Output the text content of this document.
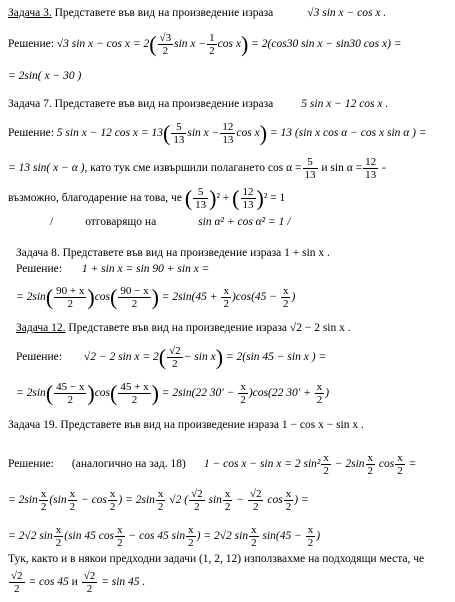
Задача 3. Представете във вид на произведение израза	√3 sin x − cos x .
Решение: √3 $\sin x - \cos x = 2( \frac{√3}{2}$ $\sin x - \frac{1}{2}$ cos x) = 2(cos30 sin x − sin30 cos x) =
= 2sin( x − 30 )
Задача 7. Представете във вид на произведение израза 5 sin x − 12 cos x .
Решение: 5 sin x − 12 $\cos x = 13( \frac{5}{13}$ $\sin x - \frac{12}{13}$ cos x) = 13 (sin x cos α − cos x sin α ) =
= 13 sin( x − α ), като тук сме извършили полагането $\cos \alpha = \frac{5}{13}$ и $\sin \alpha = \frac{12}{13}$ -
възможно, благодарение на това, че ( $\frac{5}{13} )^2$ + ( $\frac{12}{13} )^2 = 1$
/	отговарящо на	sin α² + cos α² = 1 /
Задача 8. Представете във вид на произведение израза 1 + sin x .
Решение: 1 + sin x = sin 90 + sin x =
= $2\sin( \frac{90 + x}{2} )\cos( \frac{90 - x}{2}$ ) = $2\sin(45 + \frac{x}{2} )\cos(45 - \frac{x}{2}$ )
Задача 12. Представете във вид на произведение израза √2 − 2 sin x .
Решение: √2 − 2 $\sin x = 2( \frac{√2}{2} - \sin x) = 2(\sin$ 45 − sin x ) =
= $2\sin( \frac{45 - x}{2} )\cos( \frac{45 + x}{2}$ ) = 2sin(22 $30' - \frac{x}{2} )\cos(22$ $30' + \frac{x}{2}$ )
Задача 19. Представете във вид на произведение израза 1 − cos x − sin x .
Решение: (аналогично на зад. 18) 1 − cos x − sin x = 2 $\sin^2 \frac{x}{2} - 2\sin \frac{x}{2}$ $\cos \frac{x}{2}$ =
= $2\sin \frac{x}{2} (\sin \frac{x}{2} - \cos \frac{x}{2}$ ) = $2\sin \frac{x}{2} √2$ ( $\frac{√2}{2}$ $\sin \frac{x}{2} - \frac{√2}{2}$ $\cos \frac{x}{2}$ ) =
= 2√2 $\sin \frac{x}{2} (\sin$ 45 $\cos \frac{x}{2} - \cos 45$ $\sin \frac{x}{2}$ ) = 2√2 $\sin \frac{x}{2} \sin(45 - \frac{x}{2}$ )
Тук, както и в някои предходни задачи (1, 2, 12) използвахме на подходящи места, че
$\frac{√2}{2} = \cos 45$ и $\frac{√2}{2} = \sin 45$ .
